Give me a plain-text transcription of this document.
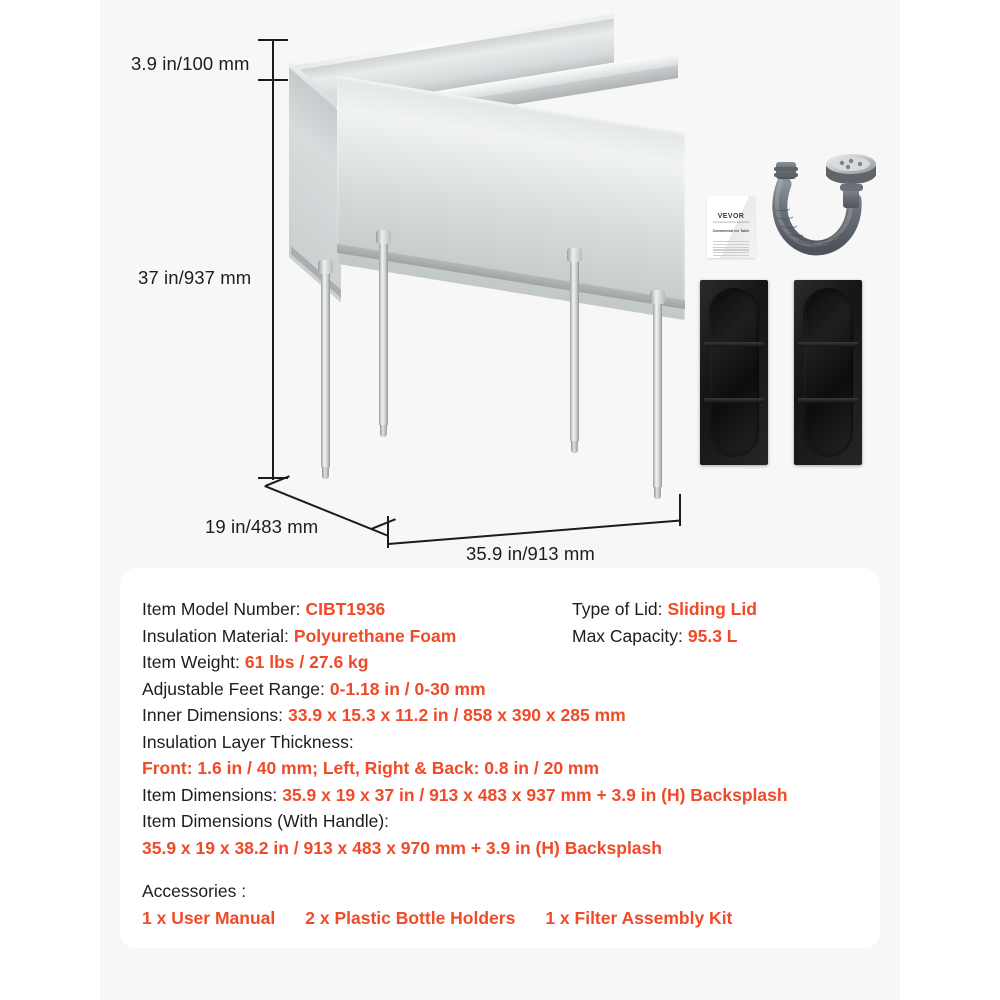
3.9 in/100 mm
37 in/937 mm
19 in/483 mm
35.9 in/913 mm
VEVOR
Commercial Kitchen Equipment
Commercial Ice Table
Item Model Number: CIBT1936
Insulation Material: Polyurethane Foam
Type of Lid: Sliding Lid
Max Capacity: 95.3 L
Item Weight: 61 lbs / 27.6 kg
Adjustable Feet Range: 0-1.18 in / 0-30 mm
Inner Dimensions: 33.9 x 15.3 x 11.2 in / 858 x 390 x 285 mm
Insulation Layer Thickness:
Front: 1.6 in / 40 mm; Left, Right & Back: 0.8 in / 20 mm
Item Dimensions: 35.9 x 19 x 37 in / 913 x 483 x 937 mm + 3.9 in (H) Backsplash
Item Dimensions (With Handle):
35.9 x 19 x 38.2 in / 913 x 483 x 970 mm + 3.9 in (H) Backsplash
Accessories :
1 x User Manual 2 x Plastic Bottle Holders 1 x Filter Assembly Kit
